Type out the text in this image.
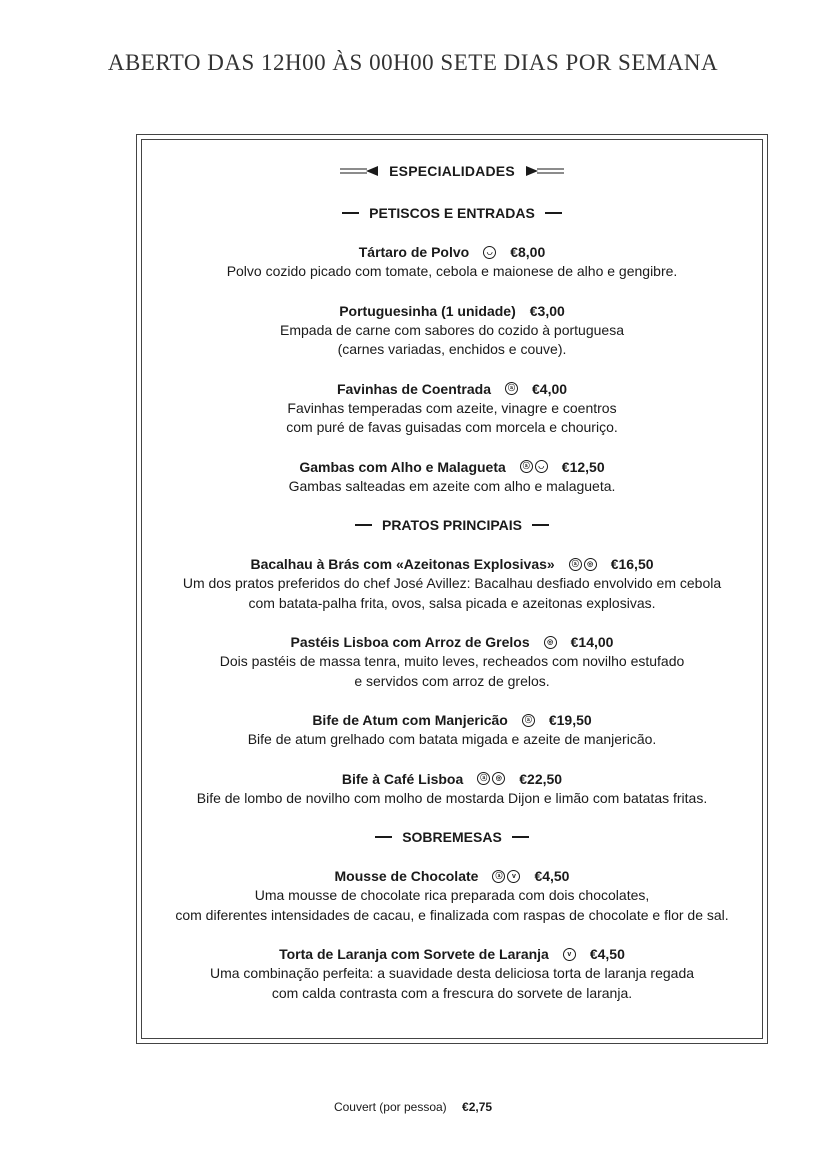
ABERTO DAS 12H00 ÀS 00H00 SETE DIAS POR SEMANA
ESPECIALIDADES
PETISCOS E ENTRADAS
Tártaro de Polvo	◡ €8,00
Polvo cozido picado com tomate, cebola e maionese de alho e gengibre.
Portuguesinha (1 unidade) €3,00
Empada de carne com sabores do cozido à portuguesa
(carnes variadas, enchidos e couve).
Favinhas de Coentrada	ⓐ €4,00
Favinhas temperadas com azeite, vinagre e coentros
com puré de favas guisadas com morcela e chouriço.
Gambas com Alho e Malagueta	ⓐ	◡ €12,50
Gambas salteadas em azeite com alho e malagueta.
PRATOS PRINCIPAIS
Bacalhau à Brás com «Azeitonas Explosivas»	ⓐ	◎ €16,50
Um dos pratos preferidos do chef José Avillez: Bacalhau desfiado envolvido em cebola
com batata-palha frita, ovos, salsa picada e azeitonas explosivas.
Pastéis Lisboa com Arroz de Grelos	◎ €14,00
Dois pastéis de massa tenra, muito leves, recheados com novilho estufado
e servidos com arroz de grelos.
Bife de Atum com Manjericão	ⓐ €19,50
Bife de atum grelhado com batata migada e azeite de manjericão.
Bife à Café Lisboa	ⓐ	◎ €22,50
Bife de lombo de novilho com molho de mostarda Dijon e limão com batatas fritas.
SOBREMESAS
Mousse de Chocolate	ⓐ	v	€4,50
Uma mousse de chocolate rica preparada com dois chocolates,
com diferentes intensidades de cacau, e finalizada com raspas de chocolate e flor de sal.
Torta de Laranja com Sorvete de Laranja	v	€4,50
Uma combinação perfeita: a suavidade desta deliciosa torta de laranja regada
com calda contrasta com a frescura do sorvete de laranja.
Couvert (por pessoa) €2,75
